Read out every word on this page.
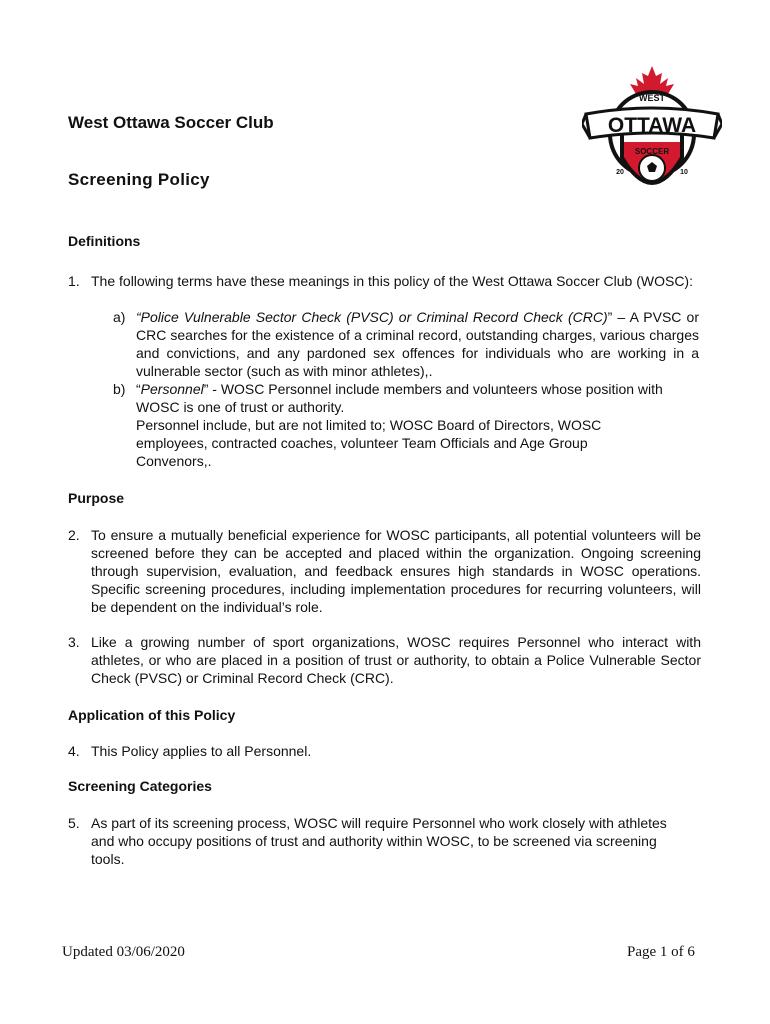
West Ottawa Soccer Club
Screening Policy
WEST
OTTAWA
SOCCER
20	10
Definitions
1. The following terms have these meanings in this policy of the West Ottawa Soccer Club (WOSC):
a) “Police Vulnerable Sector Check (PVSC) or Criminal Record Check (CRC)” – A PVSC or CRC searches for the existence of a criminal record, outstanding charges, various charges and convictions, and any pardoned sex offences for individuals who are working in a vulnerable sector (such as with minor athletes),.
b) “Personnel” - WOSC Personnel include members and volunteers whose position with WOSC is one of trust or authority.
Personnel include, but are not limited to; WOSC Board of Directors, WOSC employees, contracted coaches, volunteer Team Officials and Age Group Convenors,.
Purpose
2. To ensure a mutually beneficial experience for WOSC participants, all potential volunteers will be screened before they can be accepted and placed within the organization. Ongoing screening through supervision, evaluation, and feedback ensures high standards in WOSC operations. Specific screening procedures, including implementation procedures for recurring volunteers, will be dependent on the individual’s role.
3. Like a growing number of sport organizations, WOSC requires Personnel who interact with athletes, or who are placed in a position of trust or authority, to obtain a Police Vulnerable Sector Check (PVSC) or Criminal Record Check (CRC).
Application of this Policy
4. This Policy applies to all Personnel.
Screening Categories
5. As part of its screening process, WOSC will require Personnel who work closely with athletes and who occupy positions of trust and authority within WOSC, to be screened via screening tools.
Updated 03/06/2020	Page 1 of 6
